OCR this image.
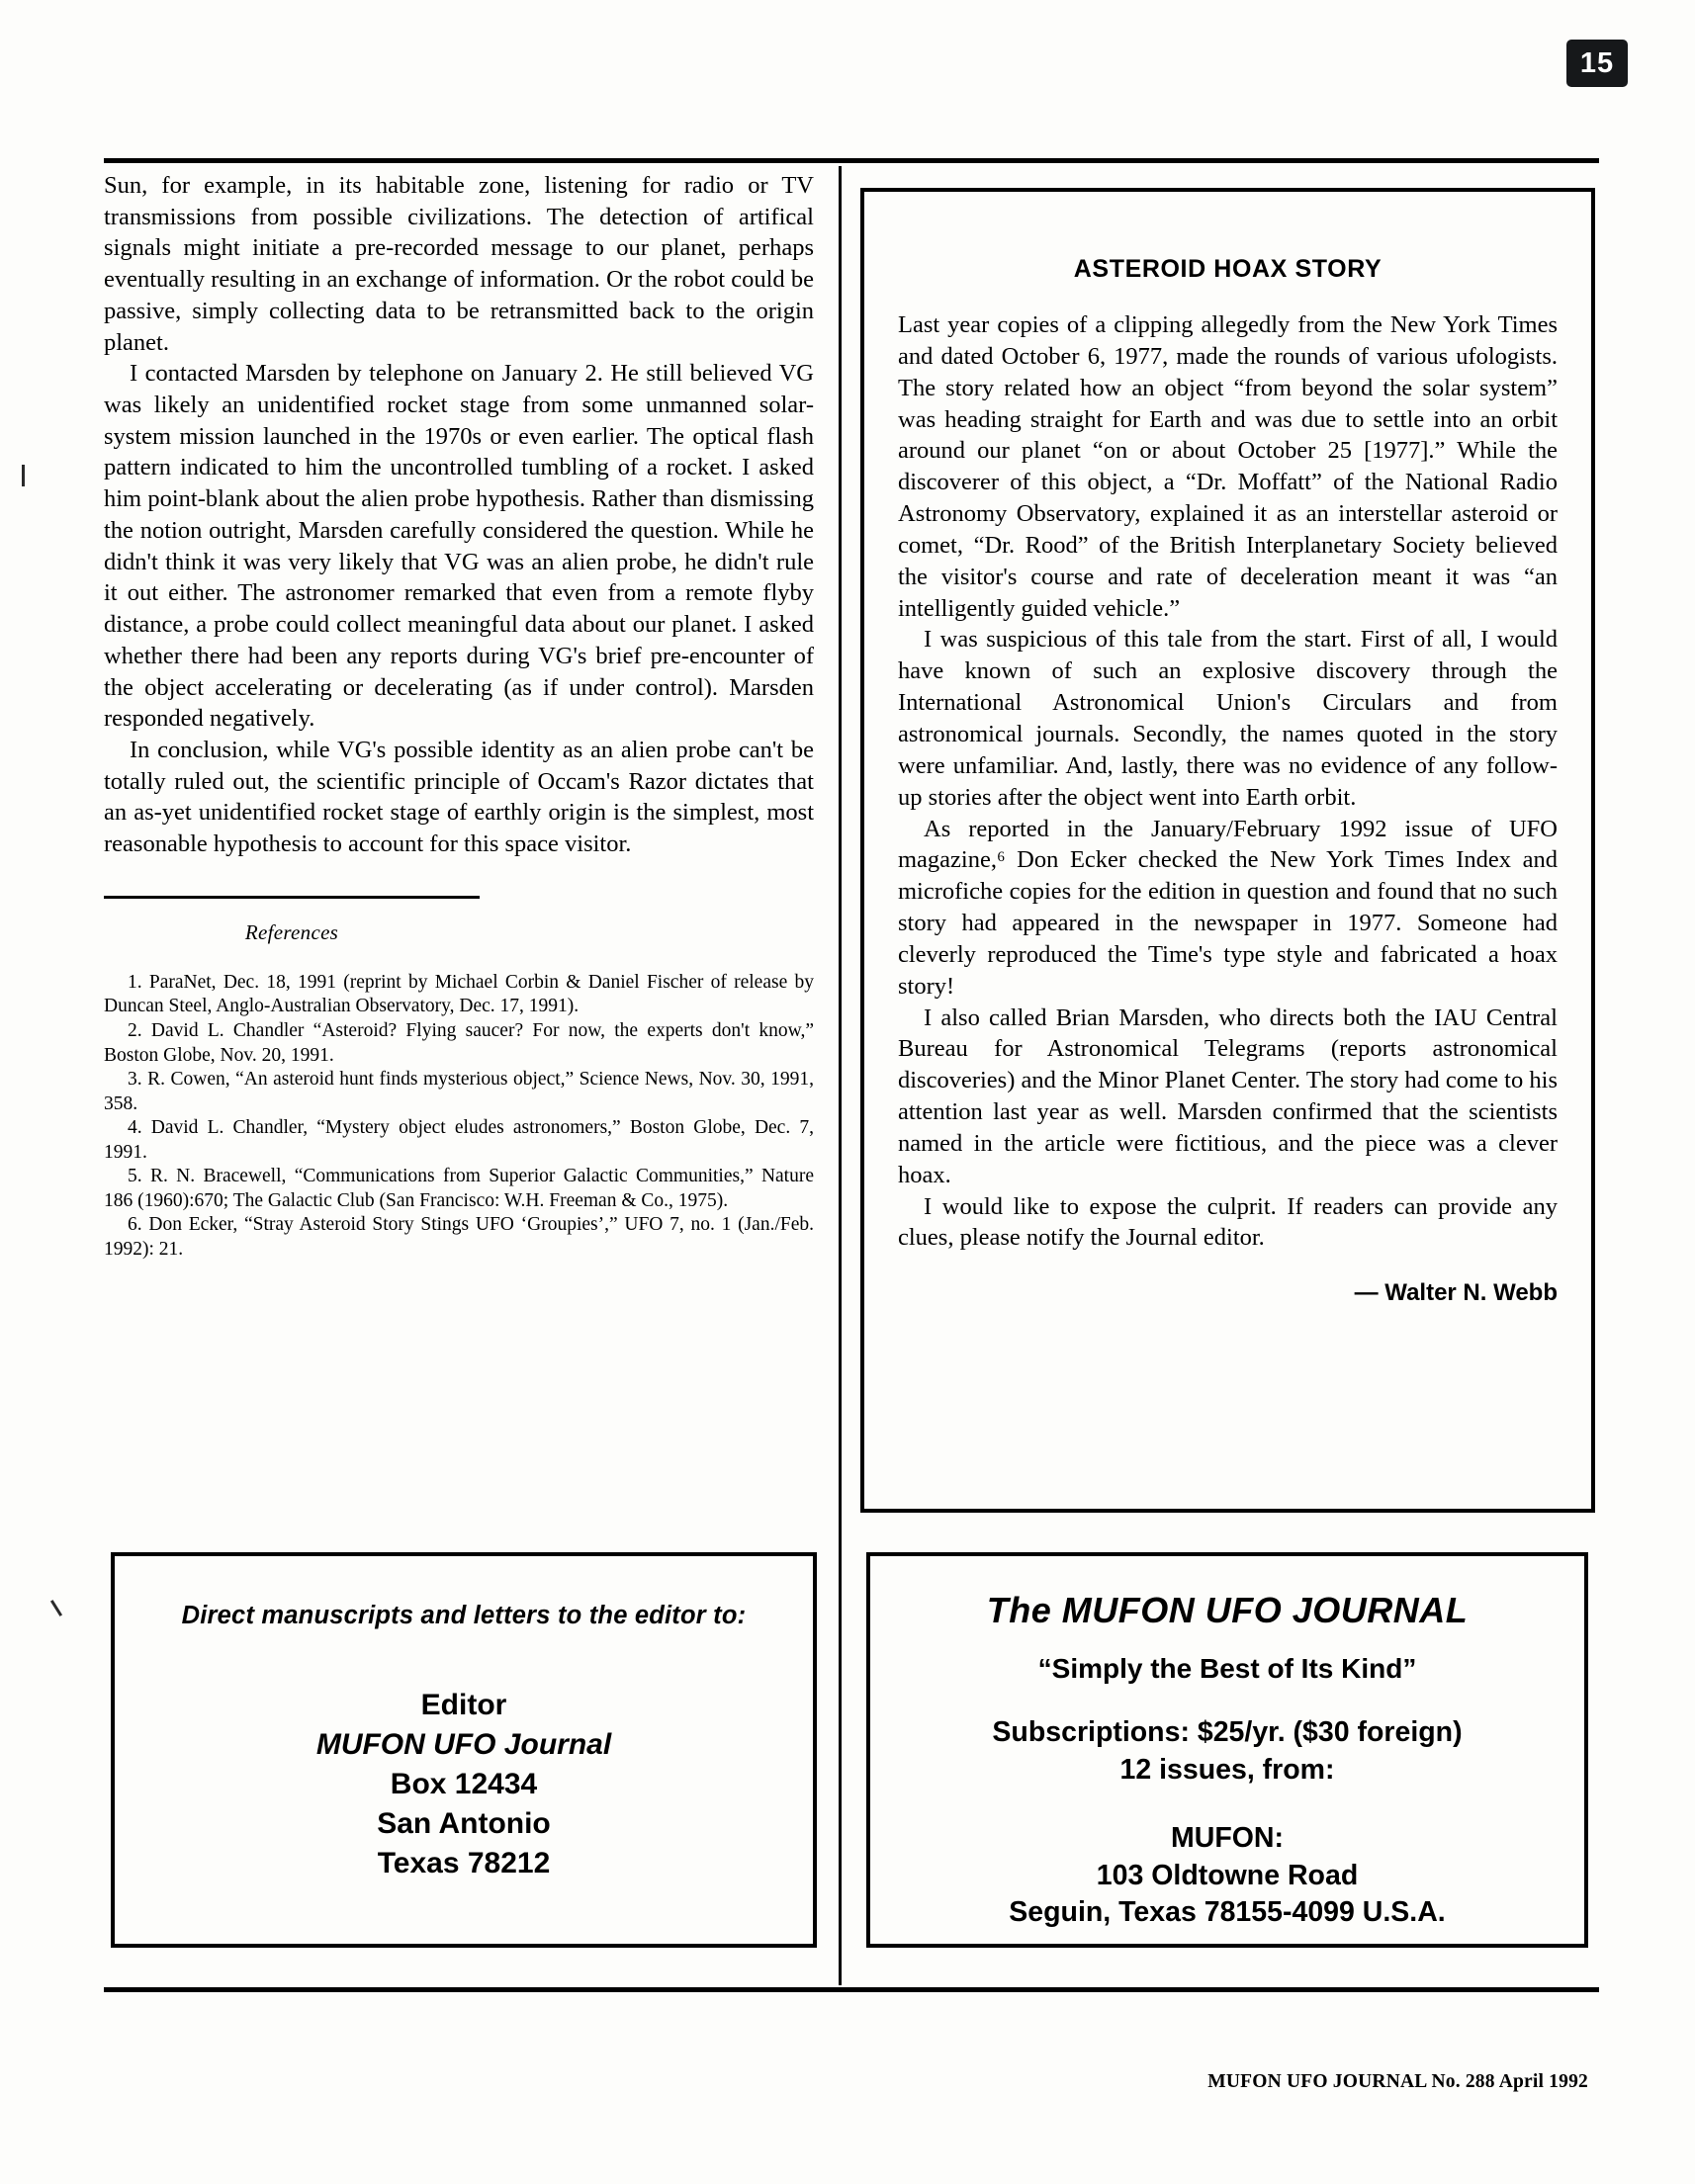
15

Sun, for example, in its habitable zone, listening for radio or TV transmissions from possible civilizations. The detection of artifical signals might initiate a pre-recorded message to our planet, perhaps eventually resulting in an exchange of information. Or the robot could be passive, simply collecting data to be retransmitted back to the origin planet.

I contacted Marsden by telephone on January 2. He still believed VG was likely an unidentified rocket stage from some unmanned solar-system mission launched in the 1970s or even earlier. The optical flash pattern indicated to him the uncontrolled tumbling of a rocket. I asked him point-blank about the alien probe hypothesis. Rather than dismissing the notion outright, Marsden carefully considered the question. While he didn't think it was very likely that VG was an alien probe, he didn't rule it out either. The astronomer remarked that even from a remote flyby distance, a probe could collect meaningful data about our planet. I asked whether there had been any reports during VG's brief pre-encounter of the object accelerating or decelerating (as if under control). Marsden responded negatively.

In conclusion, while VG's possible identity as an alien probe can't be totally ruled out, the scientific principle of Occam's Razor dictates that an as-yet unidentified rocket stage of earthly origin is the simplest, most reasonable hypothesis to account for this space visitor.

References

1. ParaNet, Dec. 18, 1991 (reprint by Michael Corbin & Daniel Fischer of release by Duncan Steel, Anglo-Australian Observatory, Dec. 17, 1991).

2. David L. Chandler “Asteroid? Flying saucer? For now, the experts don't know,” Boston Globe, Nov. 20, 1991.

3. R. Cowen, “An asteroid hunt finds mysterious object,” Science News, Nov. 30, 1991, 358.

4. David L. Chandler, “Mystery object eludes astronomers,” Boston Globe, Dec. 7, 1991.

5. R. N. Bracewell, “Communications from Superior Galactic Communities,” Nature 186 (1960):670; The Galactic Club (San Francisco: W.H. Freeman & Co., 1975).

6. Don Ecker, “Stray Asteroid Story Stings UFO ‘Groupies’,” UFO 7, no. 1 (Jan./Feb. 1992): 21.

ASTEROID HOAX STORY

Last year copies of a clipping allegedly from the New York Times and dated October 6, 1977, made the rounds of various ufologists. The story related how an object “from beyond the solar system” was heading straight for Earth and was due to settle into an orbit around our planet “on or about October 25 [1977].” While the discoverer of this object, a “Dr. Moffatt” of the National Radio Astronomy Observatory, explained it as an interstellar asteroid or comet, “Dr. Rood” of the British Interplanetary Society believed the visitor's course and rate of deceleration meant it was “an intelligently guided vehicle.”

I was suspicious of this tale from the start. First of all, I would have known of such an explosive discovery through the International Astronomical Union's Circulars and from astronomical journals. Secondly, the names quoted in the story were unfamiliar. And, lastly, there was no evidence of any follow-up stories after the object went into Earth orbit.

As reported in the January/February 1992 issue of UFO magazine,⁶ Don Ecker checked the New York Times Index and microfiche copies for the edition in question and found that no such story had appeared in the newspaper in 1977. Someone had cleverly reproduced the Time's type style and fabricated a hoax story!

I also called Brian Marsden, who directs both the IAU Central Bureau for Astronomical Telegrams (reports astronomical discoveries) and the Minor Planet Center. The story had come to his attention last year as well. Marsden confirmed that the scientists named in the article were fictitious, and the piece was a clever hoax.

I would like to expose the culprit. If readers can provide any clues, please notify the Journal editor.

— Walter N. Webb
Direct manuscripts and letters to the editor to:
Editor
MUFON UFO Journal
Box 12434
San Antonio
Texas 78212
The MUFON UFO JOURNAL
“Simply the Best of Its Kind”
Subscriptions: $25/yr. ($30 foreign)
12 issues, from:
MUFON:
103 Oldtowne Road
Seguin, Texas 78155-4099 U.S.A.
MUFON UFO JOURNAL No. 288 April 1992
